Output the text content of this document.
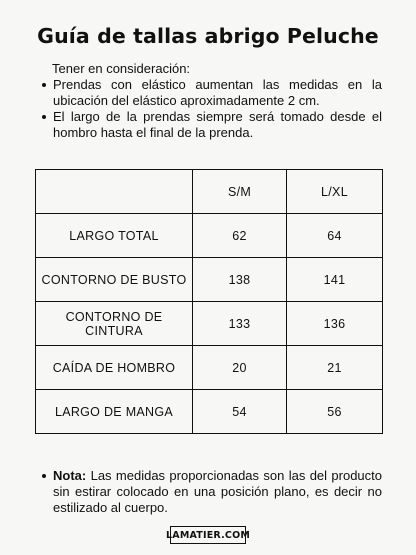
Guía de tallas abrigo Peluche
Tener en consideración:
Prendas con elástico aumentan las medidas en la ubicación del elástico aproximadamente 2 cm.
El largo de la prendas siempre será tomado desde el hombro hasta el final de la prenda.
	S/M	L/XL
LARGO TOTAL	62	64
CONTORNO DE BUSTO	138	141
CONTORNO DE CINTURA	133	136
CAÍDA DE HOMBRO	20	21
LARGO DE MANGA	54	56
Nota: Las medidas proporcionadas son las del producto sin estirar colocado en una posición plano, es decir no estilizado al cuerpo.
LAMATIER.COM
